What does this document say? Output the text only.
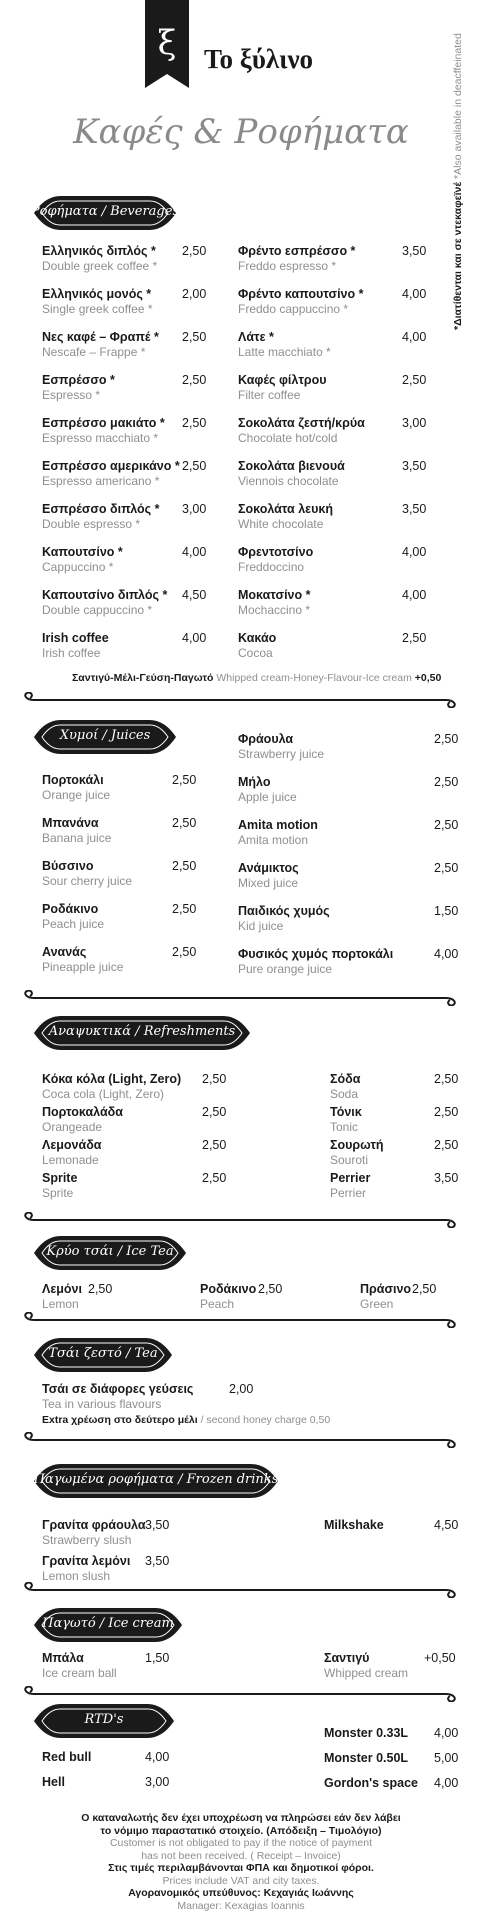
ξ Το ξύλινο
Καφές & Ροφήματα
Ροφήματα / Beverages
Ελληνικός διπλός *
Double greek coffee *
2,50
Ελληνικός μονός *
Single greek coffee *
2,00
Νες καφέ – Φραπέ *
Nescafe – Frappe *
2,50
Εσπρέσσο *
Espresso *
2,50
Εσπρέσσο μακιάτο *
Espresso macchiato *
2,50
Εσπρέσσο αμερικάνο *
Espresso americano *
2,50
Εσπρέσσο διπλός *
Double espresso *
3,00
Καπουτσίνο *
Cappuccino *
4,00
Καπουτσίνο διπλός *
Double cappuccino *
4,50
Irish coffee
Irish coffee
4,00
Φρέντο εσπρέσσο *
Freddo espresso *
3,50
Φρέντο καπουτσίνο *
Freddo cappuccino *
4,00
Λάτε *
Latte macchiato *
4,00
Καφές φίλτρου
Filter coffee
2,50
Σοκολάτα ζεστή/κρύα
Chocolate hot/cold
3,00
Σοκολάτα βιενουά
Viennois chocolate
3,50
Σοκολάτα λευκή
White chocolate
3,50
Φρεντοτσίνο
Freddoccino
4,00
Μοκατσίνο *
Mochaccino *
4,00
Κακάο
Cocoa
2,50
*Διατίθενται και σε ντεκαφεϊνέ *Also available in deacffeinated
Σαντιγύ-Μέλι-Γεύση-Παγωτό Whipped cream-Honey-Flavour-Ice cream +0,50
Χυμοί / Juices
Πορτοκάλι
Orange juice
2,50
Μπανάνα
Banana juice
2,50
Βύσσινο
Sour cherry juice
2,50
Ροδάκινο
Peach juice
2,50
Ανανάς
Pineapple juice
2,50
Φράουλα
Strawberry juice
2,50
Μήλο
Apple juice
2,50
Amita motion
Amita motion
2,50
Ανάμικτος
Mixed juice
2,50
Παιδικός χυμός
Kid juice
1,50
Φυσικός χυμός πορτοκάλι
Pure orange juice
4,00
Αναψυκτικά / Refreshments
Κόκα κόλα (Light, Zero)
Coca cola (Light, Zero)
2,50
Πορτοκαλάδα
Orangeade
2,50
Λεμονάδα
Lemonade
2,50
Sprite
Sprite
2,50
Σόδα
Soda
2,50
Τόνικ
Tonic
2,50
Σουρωτή
Souroti
2,50
Perrier
Perrier
3,50
Κρύο τσάι / Ice Tea
Λεμόνι
Lemon
2,50	Ροδάκινο
Peach
2,50	Πράσινο
Green
2,50
Τσάι ζεστό / Tea
Τσάι σε διάφορες γεύσεις
Tea in various flavours
2,00
Extra χρέωση στο δεύτερο μέλι / second honey charge 0,50
Παγωμένα ροφήματα / Frozen drinks
Γρανίτα φράουλα
Strawberry slush
3,50
Γρανίτα λεμόνι
Lemon slush
3,50
Milkshake	4,50
Παγωτό / Ice cream
Μπάλα
Ice cream ball
1,50	Σαντιγύ
Whipped cream
+0,50
RTD's
Red bull	4,00
Hell	3,00
Monster 0.33L 4,00
Monster 0.50L 5,00
Gordon's space 4,00
Ο καταναλωτής δεν έχει υποχρέωση να πληρώσει εάν δεν λάβει
το νόμιμο παραστατικό στοιχείο. (Απόδειξη – Τιμολόγιο)
Customer is not obligated to pay if the notice of payment
has not been received. ( Receipt – Invoice)
Στις τιμές περιλαμβάνονται ΦΠΑ και δημοτικοί φόροι.
Prices include VAT and city taxes.
Αγορανομικός υπεύθυνος: Κεχαγιάς Ιωάννης
Manager: Kexagias Ioannis
